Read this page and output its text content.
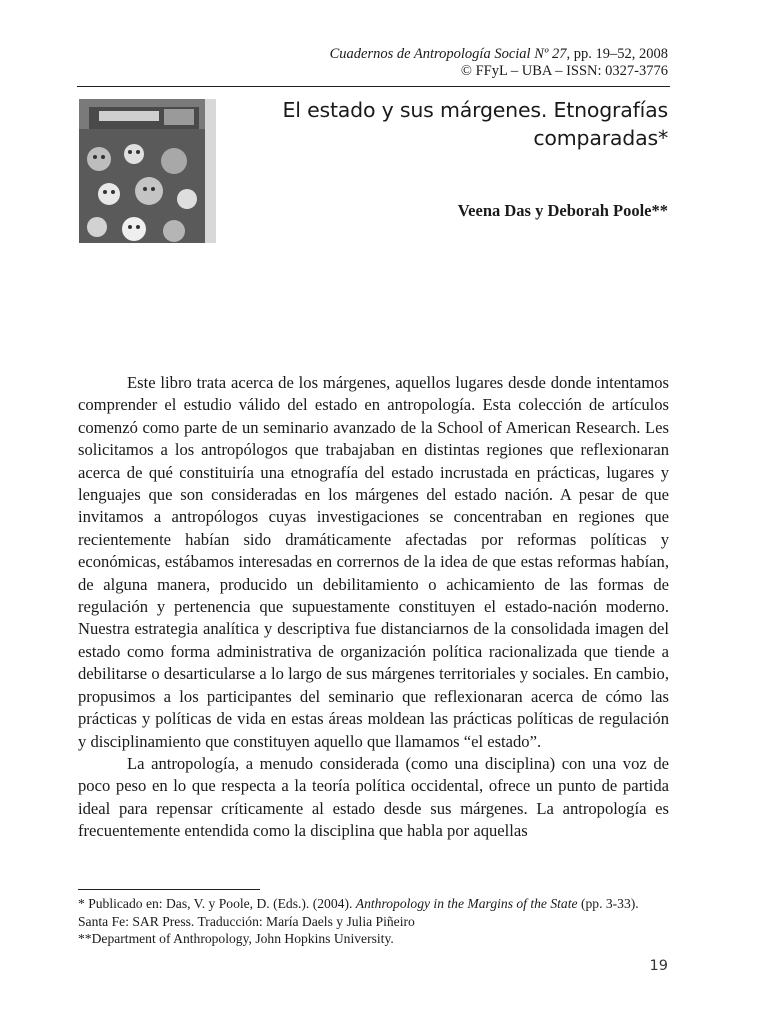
Cuadernos de Antropología Social Nº 27, pp. 19–52, 2008
© FFyL – UBA – ISSN: 0327-3776
El estado y sus márgenes. Etnografías
comparadas*
Veena Das y Deborah Poole**

Este libro trata acerca de los márgenes, aquellos lugares desde donde intentamos comprender el estudio válido del estado en antropología. Esta colección de artículos comenzó como parte de un seminario avanzado de la School of American Research. Les solicitamos a los antropólogos que trabajaban en distintas regiones que reflexionaran acerca de qué constituiría una etnografía del estado incrustada en prácticas, lugares y lenguajes que son consideradas en los márgenes del estado nación. A pesar de que invitamos a antropólogos cuyas investigaciones se concentraban en regiones que recientemente habían sido dramáticamente afectadas por reformas políticas y económicas, estábamos interesadas en corrernos de la idea de que estas reformas habían, de alguna manera, producido un debilitamiento o achicamiento de las formas de regulación y pertenencia que supuestamente constituyen el estado-nación moderno. Nuestra estrategia analítica y descriptiva fue distanciarnos de la consolidada imagen del estado como forma administrativa de organización política racionalizada que tiende a debilitarse o desarticularse a lo largo de sus márgenes territoriales y sociales. En cambio, propusimos a los participantes del seminario que reflexionaran acerca de cómo las prácticas y políticas de vida en estas áreas moldean las prácticas políticas de regulación y disciplinamiento que constituyen aquello que llamamos “el estado”.

La antropología, a menudo considerada (como una disciplina) con una voz de poco peso en lo que respecta a la teoría política occidental, ofrece un punto de partida ideal para repensar críticamente al estado desde sus márgenes. La antropología es frecuentemente entendida como la disciplina que habla por aquellas

* Publicado en: Das, V. y Poole, D. (Eds.). (2004). Anthropology in the Margins of the State (pp. 3-33). Santa Fe: SAR Press. Traducción: María Daels y Julia Piñeiro

**Department of Anthropology, John Hopkins University.

19
